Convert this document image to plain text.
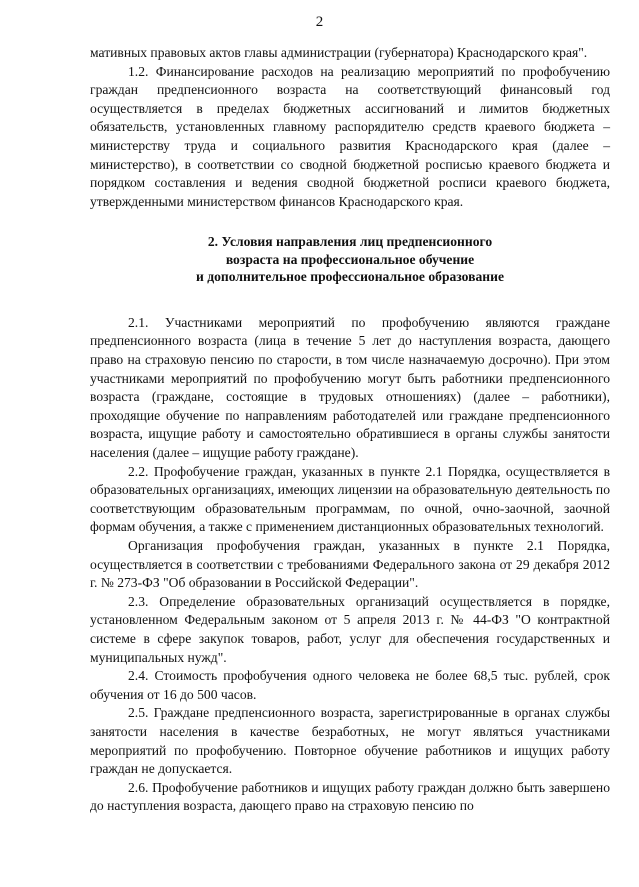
2

мативных правовых актов главы администрации (губернатора) Краснодарского края".

1.2. Финансирование расходов на реализацию мероприятий по профобучению граждан предпенсионного возраста на соответствующий финансовый год осуществляется в пределах бюджетных ассигнований и лимитов бюджетных обязательств, установленных главному распорядителю средств краевого бюджета – министерству труда и социального развития Краснодарского края (далее – министерство), в соответствии со сводной бюджетной росписью краевого бюджета и порядком составления и ведения сводной бюджетной росписи краевого бюджета, утвержденными министерством финансов Краснодарского края.

2. Условия направления лиц предпенсионного
возраста на профессиональное обучение
и дополнительное профессиональное образование

2.1. Участниками мероприятий по профобучению являются граждане предпенсионного возраста (лица в течение 5 лет до наступления возраста, дающего право на страховую пенсию по старости, в том числе назначаемую досрочно). При этом участниками мероприятий по профобучению могут быть работники предпенсионного возраста (граждане, состоящие в трудовых отношениях) (далее – работники), проходящие обучение по направлениям работодателей или граждане предпенсионного возраста, ищущие работу и самостоятельно обратившиеся в органы службы занятости населения (далее – ищущие работу граждане).

2.2. Профобучение граждан, указанных в пункте 2.1 Порядка, осуществляется в образовательных организациях, имеющих лицензии на образовательную деятельность по соответствующим образовательным программам, по очной, очно-заочной, заочной формам обучения, а также с применением дистанционных образовательных технологий.

Организация профобучения граждан, указанных в пункте 2.1 Порядка, осуществляется в соответствии с требованиями Федерального закона от 29 декабря 2012 г. № 273-ФЗ "Об образовании в Российской Федерации".

2.3. Определение образовательных организаций осуществляется в порядке, установленном Федеральным законом от 5 апреля 2013 г. № 44-ФЗ "О контрактной системе в сфере закупок товаров, работ, услуг для обеспечения государственных и муниципальных нужд".

2.4. Стоимость профобучения одного человека не более 68,5 тыс. рублей, срок обучения от 16 до 500 часов.

2.5. Граждане предпенсионного возраста, зарегистрированные в органах службы занятости населения в качестве безработных, не могут являться участниками мероприятий по профобучению. Повторное обучение работников и ищущих работу граждан не допускается.

2.6. Профобучение работников и ищущих работу граждан должно быть завершено до наступления возраста, дающего право на страховую пенсию по
